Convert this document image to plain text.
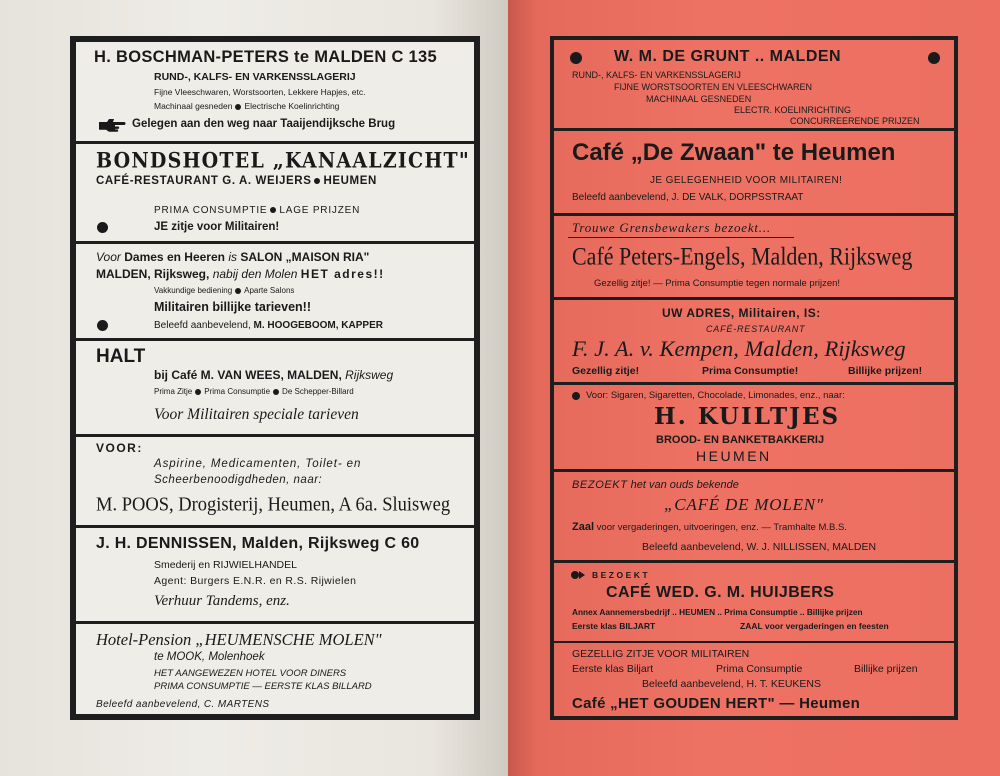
H. BOSCHMAN-PETERS te MALDEN C 135
RUND-, KALFS- EN VARKENSSLAGERIJ
Fijne Vleeschwaren, Worstsoorten, Lekkere Hapjes, etc.
Machinaal gesneden Electrische Koelinrichting
Gelegen aan den weg naar Taaijendijksche Brug
BONDSHOTEL „KANAALZICHT"
CAFÉ-RESTAURANT G. A. WEIJERS HEUMEN
PRIMA CONSUMPTIE LAGE PRIJZEN
JE zitje voor Militairen!
Voor Dames en Heeren is SALON „MAISON RIA"
MALDEN, Rijksweg, nabij den Molen HET adres!!
Vakkundige bediening Aparte Salons
Militairen billijke tarieven!!
Beleefd aanbevelend, M. HOOGEBOOM, KAPPER
HALT
bij Café M. VAN WEES, MALDEN, Rijksweg
Prima Zitje Prima Consumptie De Schepper-Billard
Voor Militairen speciale tarieven
VOOR:
Aspirine, Medicamenten, Toilet- en
Scheerbenoodigdheden, naar:
M. POOS, Drogisterij, Heumen, A 6a. Sluisweg
J. H. DENNISSEN, Malden, Rijksweg C 60
Smederij en RIJWIELHANDEL
Agent: Burgers E.N.R. en R.S. Rijwielen
Verhuur Tandems, enz.
Hotel-Pension „HEUMENSCHE MOLEN"
te MOOK, Molenhoek
HET AANGEWEZEN HOTEL VOOR DINERS
PRIMA CONSUMPTIE — EERSTE KLAS BILLARD
Beleefd aanbevelend, C. MARTENS
W. M. DE GRUNT .. MALDEN
RUND-, KALFS- EN VARKENSSLAGERIJ
FIJNE WORSTSOORTEN EN VLEESCHWAREN
MACHINAAL GESNEDEN
ELECTR. KOELINRICHTING
CONCURREERENDE PRIJZEN
Café „De Zwaan" te Heumen
JE GELEGENHEID VOOR MILITAIREN!
Beleefd aanbevelend, J. DE VALK, DORPSSTRAAT
Trouwe Grensbewakers bezoekt...
Café Peters-Engels, Malden, Rijksweg
Gezellig zitje! — Prima Consumptie tegen normale prijzen!
UW ADRES, Militairen, IS:
CAFÉ-RESTAURANT
F. J. A. v. Kempen, Malden, Rijksweg
Gezellig zitje!	Prima Consumptie!	Billijke prijzen!
Voor: Sigaren, Sigaretten, Chocolade, Limonades, enz., naar:
H. KUILTJES
BROOD- EN BANKETBAKKERIJ
HEUMEN
BEZOEKT het van ouds bekende
„CAFÉ DE MOLEN"
Zaal voor vergaderingen, uitvoeringen, enz. — Tramhalte M.B.S.
Beleefd aanbevelend, W. J. NILLISSEN, MALDEN
BEZOEKT
CAFÉ WED. G. M. HUIJBERS
Annex Aannemersbedrijf .. HEUMEN .. Prima Consumptie .. Billijke prijzen
Eerste klas BILJART	ZAAL voor vergaderingen en feesten
GEZELLIG ZITJE VOOR MILITAIREN
Eerste klas Biljart	Prima Consumptie	Billijke prijzen
Beleefd aanbevelend, H. T. KEUKENS
Café „HET GOUDEN HERT" — Heumen
